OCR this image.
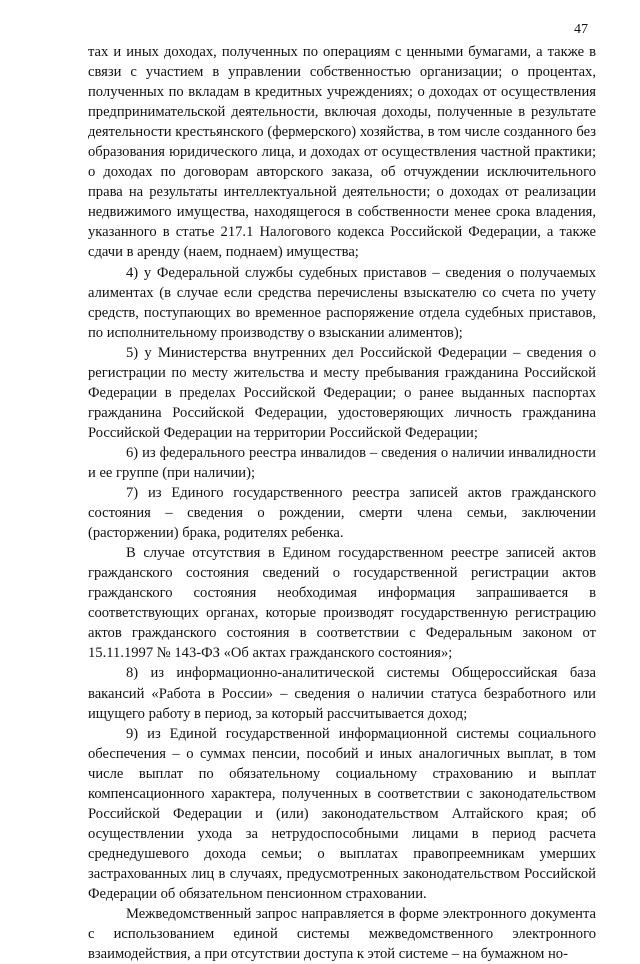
47

тах и иных доходах, полученных по операциям с ценными бумагами, а также в связи с участием в управлении собственностью организации; о процентах, полученных по вкладам в кредитных учреждениях; о доходах от осуществления предпринимательской деятельности, включая доходы, полученные в результате деятельности крестьянского (фермерского) хозяйства, в том числе созданного без образования юридического лица, и доходах от осуществления частной практики; о доходах по договорам авторского заказа, об отчуждении исключительного права на результаты интеллектуальной деятельности; о доходах от реализации недвижимого имущества, находящегося в собственности менее срока владения, указанного в статье 217.1 Налогового кодекса Российской Федерации, а также сдачи в аренду (наем, поднаем) имущества;

4) у Федеральной службы судебных приставов – сведения о получаемых алиментах (в случае если средства перечислены взыскателю со счета по учету средств, поступающих во временное распоряжение отдела судебных приставов, по исполнительному производству о взыскании алиментов);

5) у Министерства внутренних дел Российской Федерации – сведения о регистрации по месту жительства и месту пребывания гражданина Российской Федерации в пределах Российской Федерации; о ранее выданных паспортах гражданина Российской Федерации, удостоверяющих личность гражданина Российской Федерации на территории Российской Федерации;

6) из федерального реестра инвалидов – сведения о наличии инвалидности и ее группе (при наличии);

7) из Единого государственного реестра записей актов гражданского состояния – сведения о рождении, смерти члена семьи, заключении (расторжении) брака, родителях ребенка.

В случае отсутствия в Едином государственном реестре записей актов гражданского состояния сведений о государственной регистрации актов гражданского состояния необходимая информация запрашивается в соответствующих органах, которые производят государственную регистрацию актов гражданского состояния в соответствии с Федеральным законом от 15.11.1997 № 143-ФЗ «Об актах гражданского состояния»;

8) из информационно-аналитической системы Общероссийская база вакансий «Работа в России» – сведения о наличии статуса безработного или ищущего работу в период, за который рассчитывается доход;

9) из Единой государственной информационной системы социального обеспечения – о суммах пенсии, пособий и иных аналогичных выплат, в том числе выплат по обязательному социальному страхованию и выплат компенсационного характера, полученных в соответствии с законодательством Российской Федерации и (или) законодательством Алтайского края; об осуществлении ухода за нетрудоспособными лицами в период расчета среднедушевого дохода семьи; о выплатах правопреемникам умерших застрахованных лиц в случаях, предусмотренных законодательством Российской Федерации об обязательном пенсионном страховании.

Межведомственный запрос направляется в форме электронного документа с использованием единой системы межведомственного электронного взаимодействия, а при отсутствии доступа к этой системе – на бумажном но-
